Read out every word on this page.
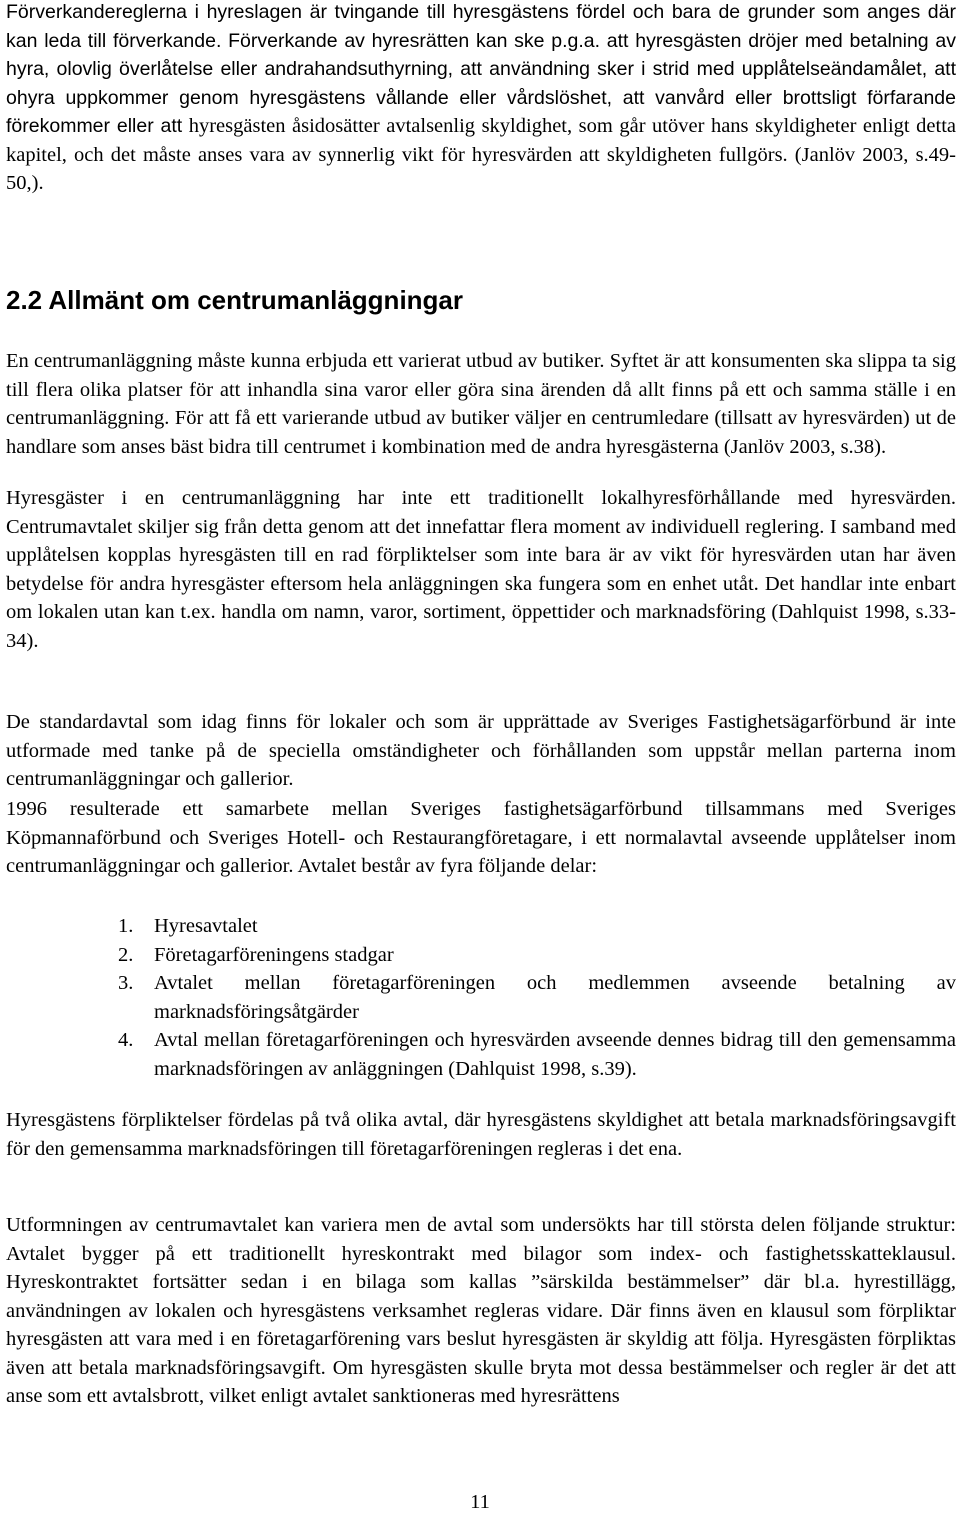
Förverkandereglerna i hyreslagen är tvingande till hyresgästens fördel och bara de grunder som anges där kan leda till förverkande. Förverkande av hyresrätten kan ske p.g.a. att hyresgästen dröjer med betalning av hyra, olovlig överlåtelse eller andrahandsuthyrning, att användning sker i strid med upplåtelseändamålet, att ohyra uppkommer genom hyresgästens vållande eller vårdslöshet, att vanvård eller brottsligt förfarande förekommer eller att hyresgästen åsidosätter avtalsenlig skyldighet, som går utöver hans skyldigheter enligt detta kapitel, och det måste anses vara av synnerlig vikt för hyresvärden att skyldigheten fullgörs. (Janlöv 2003, s.49-50,).

2.2 Allmänt om centrumanläggningar

En centrumanläggning måste kunna erbjuda ett varierat utbud av butiker. Syftet är att konsumenten ska slippa ta sig till flera olika platser för att inhandla sina varor eller göra sina ärenden då allt finns på ett och samma ställe i en centrumanläggning. För att få ett varierande utbud av butiker väljer en centrumledare (tillsatt av hyresvärden) ut de handlare som anses bäst bidra till centrumet i kombination med de andra hyresgästerna (Janlöv 2003, s.38).

Hyresgäster i en centrumanläggning har inte ett traditionellt lokalhyresförhållande med hyresvärden. Centrumavtalet skiljer sig från detta genom att det innefattar flera moment av individuell reglering. I samband med upplåtelsen kopplas hyresgästen till en rad förpliktelser som inte bara är av vikt för hyresvärden utan har även betydelse för andra hyresgäster eftersom hela anläggningen ska fungera som en enhet utåt. Det handlar inte enbart om lokalen utan kan t.ex. handla om namn, varor, sortiment, öppettider och marknadsföring (Dahlquist 1998, s.33-34).

De standardavtal som idag finns för lokaler och som är upprättade av Sveriges Fastighetsägarförbund är inte utformade med tanke på de speciella omständigheter och förhållanden som uppstår mellan parterna inom centrumanläggningar och gallerior.

1996 resulterade ett samarbete mellan Sveriges fastighetsägarförbund tillsammans med Sveriges Köpmannaförbund och Sveriges Hotell- och Restaurangföretagare, i ett normalavtal avseende upplåtelser inom centrumanläggningar och gallerior. Avtalet består av fyra följande delar:

1. Hyresavtalet
2. Företagarföreningens stadgar
3. Avtalet mellan företagarföreningen och medlemmen avseende betalning av marknadsföringsåtgärder
4. Avtal mellan företagarföreningen och hyresvärden avseende dennes bidrag till den gemensamma marknadsföringen av anläggningen (Dahlquist 1998, s.39).

Hyresgästens förpliktelser fördelas på två olika avtal, där hyresgästens skyldighet att betala marknadsföringsavgift för den gemensamma marknadsföringen till företagarföreningen regleras i det ena.

Utformningen av centrumavtalet kan variera men de avtal som undersökts har till största delen följande struktur: Avtalet bygger på ett traditionellt hyreskontrakt med bilagor som index- och fastighetsskatteklausul. Hyreskontraktet fortsätter sedan i en bilaga som kallas ”särskilda bestämmelser” där bl.a. hyrestillägg, användningen av lokalen och hyresgästens verksamhet regleras vidare. Där finns även en klausul som förpliktar hyresgästen att vara med i en företagarförening vars beslut hyresgästen är skyldig att följa. Hyresgästen förpliktas även att betala marknadsföringsavgift. Om hyresgästen skulle bryta mot dessa bestämmelser och regler är det att anse som ett avtalsbrott, vilket enligt avtalet sanktioneras med hyresrättens

11
